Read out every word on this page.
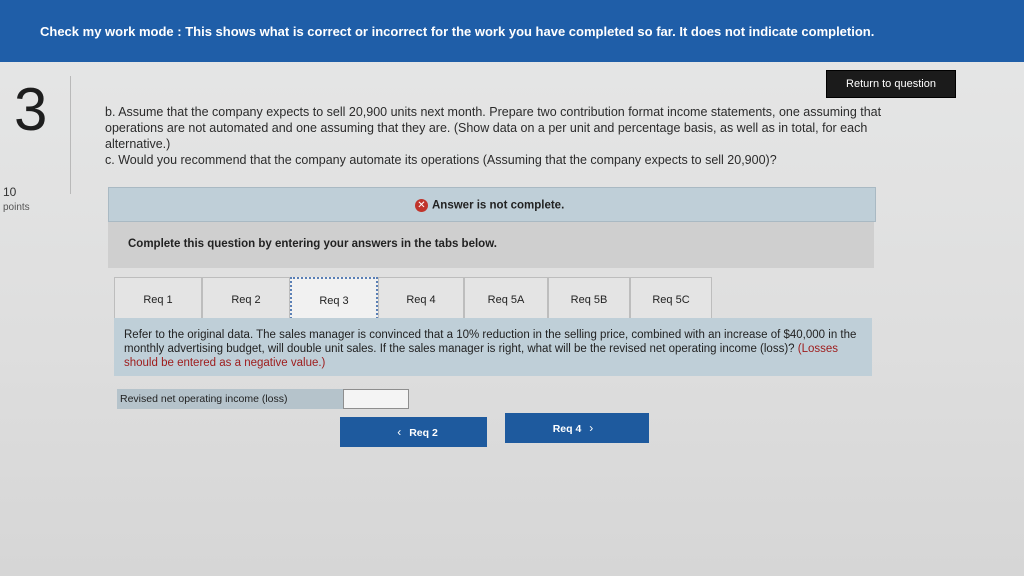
Check my work mode : This shows what is correct or incorrect for the work you have completed so far. It does not indicate completion.
Return to question
3
10
points

b. Assume that the company expects to sell 20,900 units next month. Prepare two contribution format income statements, one assuming that operations are not automated and one assuming that they are. (Show data on a per unit and percentage basis, as well as in total, for each alternative.)

c. Would you recommend that the company automate its operations (Assuming that the company expects to sell 20,900)?

✕ Answer is not complete.
Complete this question by entering your answers in the tabs below.
Req 1	Req 2	Req 3	Req 4	Req 5A	Req 5B	Req 5C
Refer to the original data. The sales manager is convinced that a 10% reduction in the selling price, combined with an increase of $40,000 in the monthly advertising budget, will double unit sales. If the sales manager is right, what will be the revised net operating income (loss)? (Losses should be entered as a negative value.)
Revised net operating income (loss)
‹ Req 2	Req 4 ›
